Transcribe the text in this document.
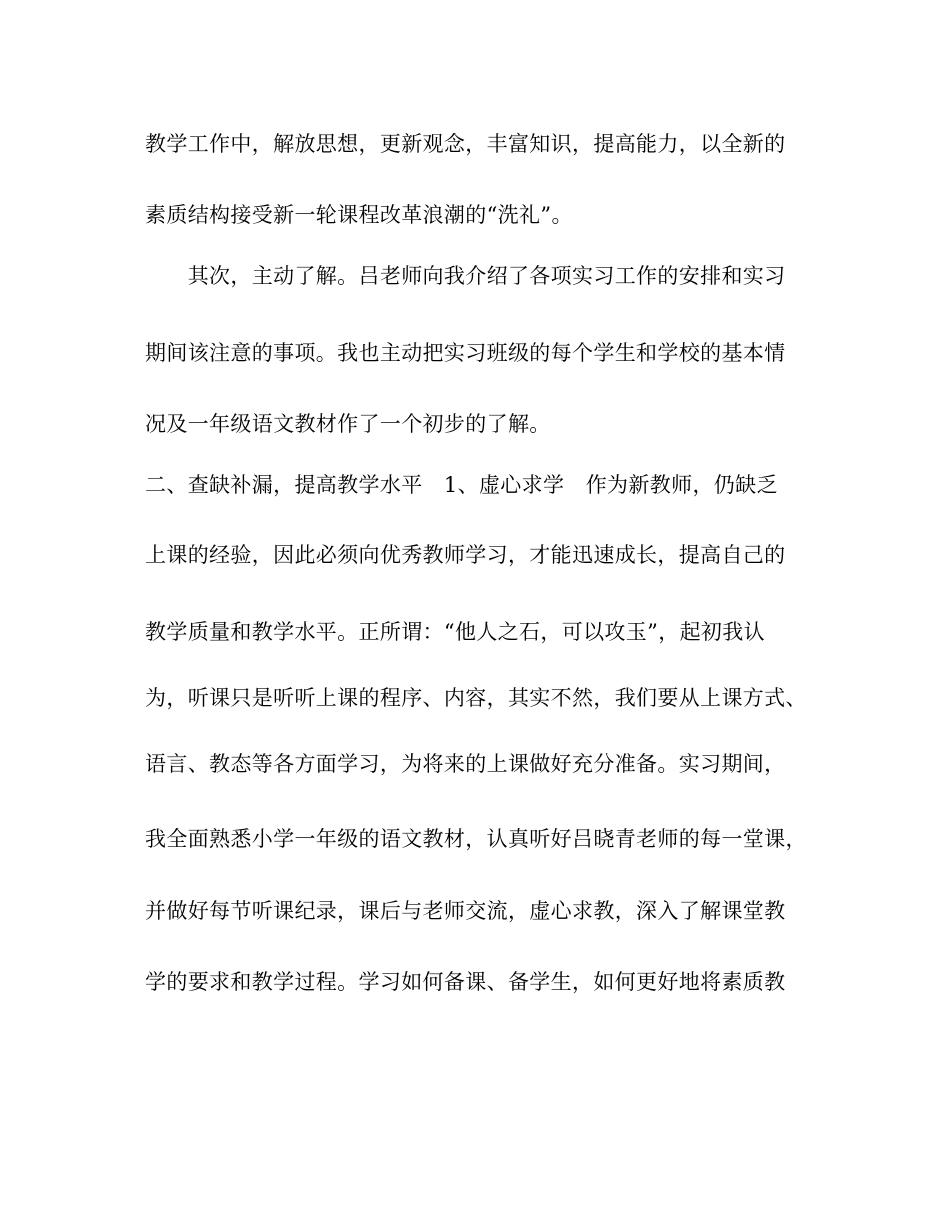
教学工作中，解放思想，更新观念，丰富知识，提高能力，以全新的
素质结构接受新一轮课程改革浪潮的“洗礼”。
　　其次，主动了解。吕老师向我介绍了各项实习工作的安排和实习
期间该注意的事项。我也主动把实习班级的每个学生和学校的基本情
况及一年级语文教材作了一个初步的了解。
二、查缺补漏，提高教学水平　1、虚心求学　作为新教师，仍缺乏
上课的经验，因此必须向优秀教师学习，才能迅速成长，提高自己的
教学质量和教学水平。正所谓：“他人之石，可以攻玉”，起初我认
为，听课只是听听上课的程序、内容，其实不然，我们要从上课方式、
语言、教态等各方面学习，为将来的上课做好充分准备。实习期间，
我全面熟悉小学一年级的语文教材，认真听好吕晓青老师的每一堂课，
并做好每节听课纪录，课后与老师交流，虚心求教，深入了解课堂教
学的要求和教学过程。学习如何备课、备学生，如何更好地将素质教
